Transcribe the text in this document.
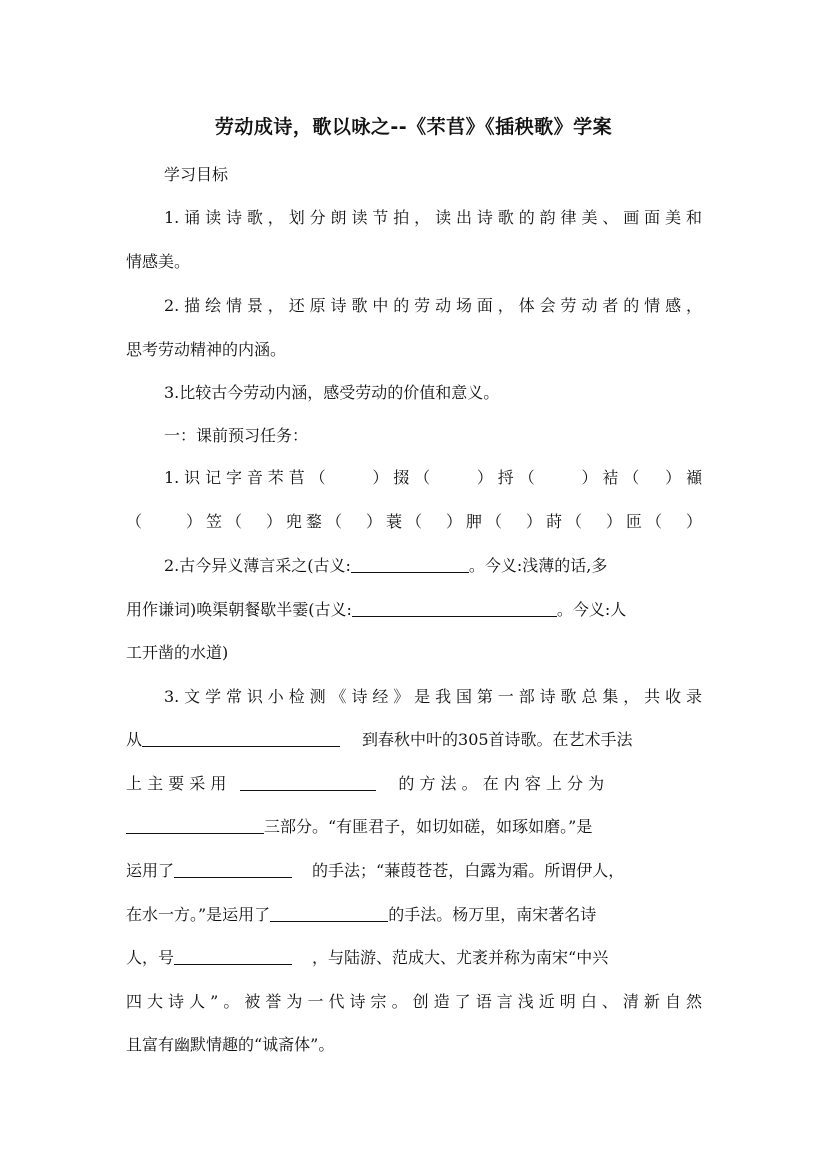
劳动成诗，歌以咏之--《芣苢》《插秧歌》学案
学习目标
1.诵读诗歌，划分朗读节拍，读出诗歌的韵律美、画面美和
情感美。
2.描绘情景，还原诗歌中的劳动场面，体会劳动者的情感，
思考劳动精神的内涵。
3.比较古今劳动内涵，感受劳动的价值和意义。
一：课前预习任务：
1.识记字音芣苢（　　）掇（　　）捋（　　）袺（　）襭
（　　）笠（　）兜鍪（　）蓑（　）胛（　）莳（　）匝（　）
2.古今异义薄言采之(古义:	。今义:浅薄的话,多
用作谦词)唤渠朝餐歇半霎(古义:	。今义:人
工开凿的水道)
3.文学常识小检测《诗经》是我国第一部诗歌总集，共收录
从	到春秋中叶的305首诗歌。在艺术手法
上 主 要 采 用	的 方 法 。 在 内 容 上 分 为
三部分。“有匪君子，如切如磋，如琢如磨。”是
运用了	的手法；“蒹葭苍苍，白露为霜。所谓伊人，
在水一方。”是运用了	的手法。杨万里，南宋著名诗
人，号	，与陆游、范成大、尤袤并称为南宋“中兴
四大诗人”。被誉为一代诗宗。创造了语言浅近明白、清新自然
且富有幽默情趣的“诚斋体”。
